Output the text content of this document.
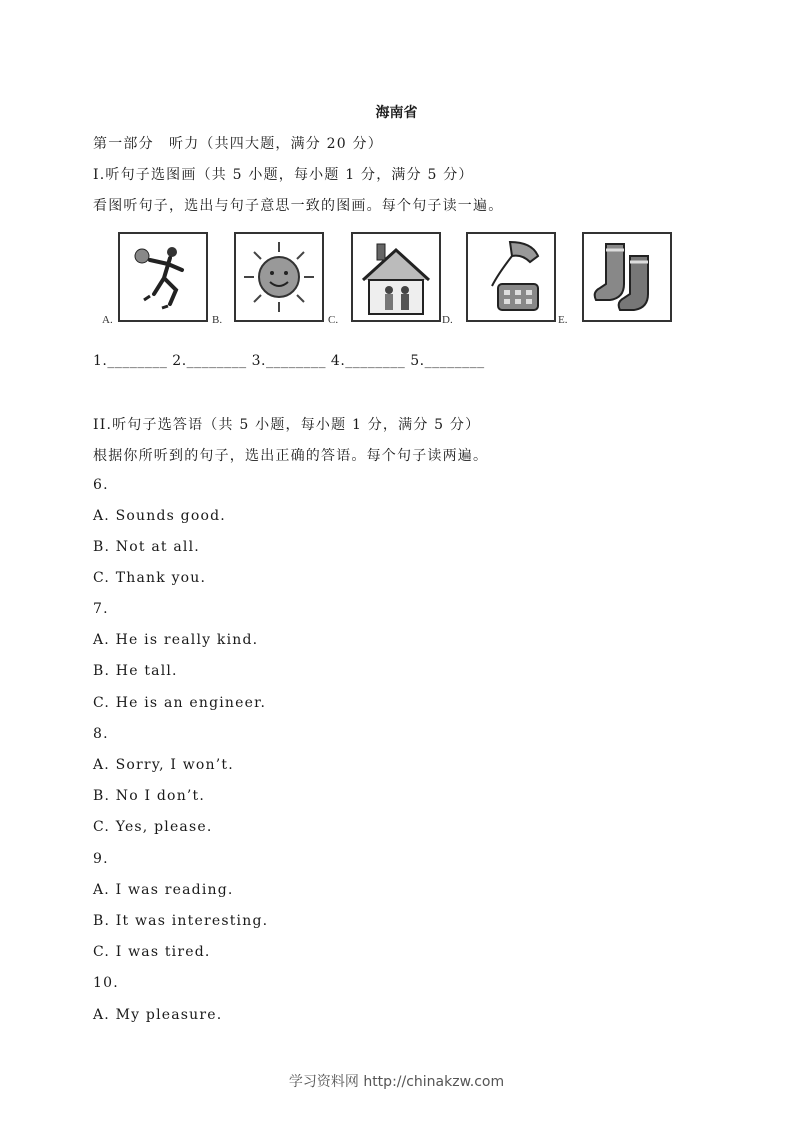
海南省
第一部分　听力（共四大题，满分 20 分）
I.听句子选图画（共 5 小题，每小题 1 分，满分 5 分）
看图听句子，选出与句子意思一致的图画。每个句子读一遍。
A.	B.	C.	D.	E.
1.________ 2.________ 3.________ 4.________ 5.________
II.听句子选答语（共 5 小题，每小题 1 分，满分 5 分）
根据你所听到的句子，选出正确的答语。每个句子读两遍。
6.
A. Sounds good.
B. Not at all.
C. Thank you.
7.
A. He is really kind.
B. He tall.
C. He is an engineer.
8.
A. Sorry, I won’t.
B. No I don’t.
C. Yes, please.
9.
A. I was reading.
B. It was interesting.
C. I was tired.
10.
A. My pleasure.
学习资料网 http://chinakzw.com
